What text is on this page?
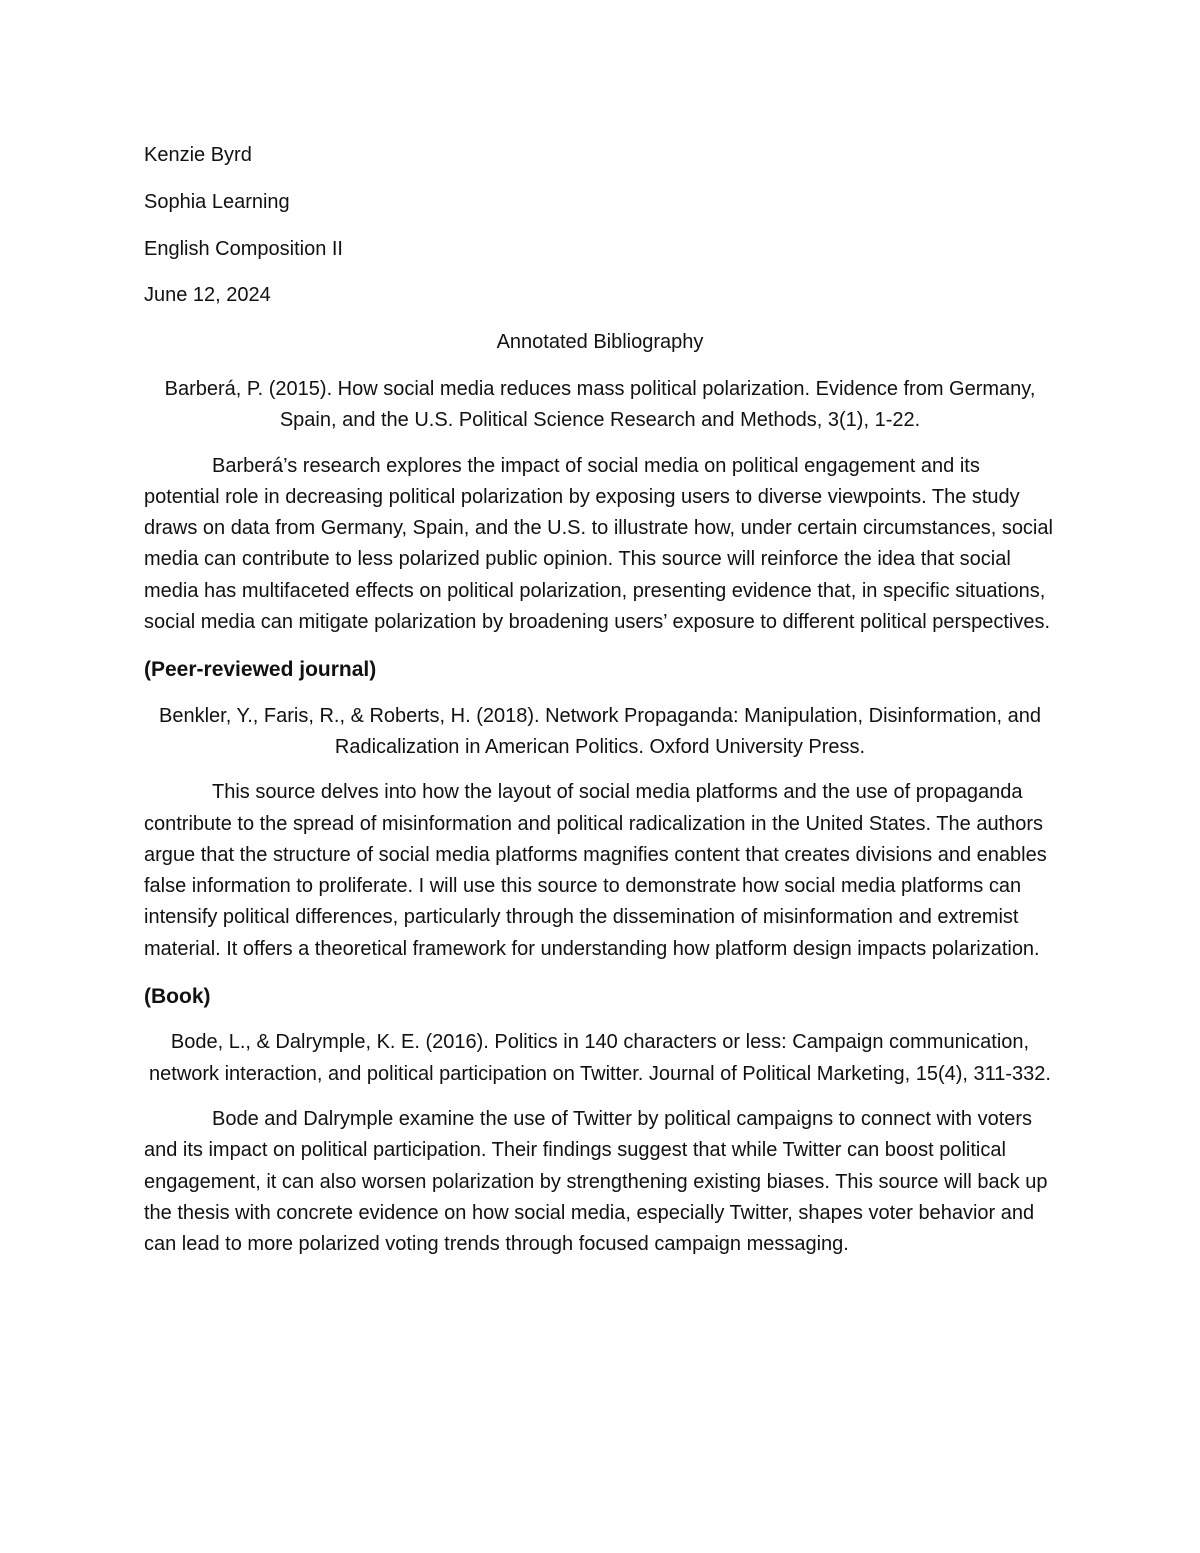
Kenzie Byrd

Sophia Learning

English Composition II

June 12, 2024

Annotated Bibliography

Barberá, P. (2015). How social media reduces mass political polarization. Evidence from Germany, Spain, and the U.S. Political Science Research and Methods, 3(1), 1-22.

Barberá’s research explores the impact of social media on political engagement and its potential role in decreasing political polarization by exposing users to diverse viewpoints. The study draws on data from Germany, Spain, and the U.S. to illustrate how, under certain circumstances, social media can contribute to less polarized public opinion. This source will reinforce the idea that social media has multifaceted effects on political polarization, presenting evidence that, in specific situations, social media can mitigate polarization by broadening users’ exposure to different political perspectives.

(Peer-reviewed journal)

Benkler, Y., Faris, R., & Roberts, H. (2018). Network Propaganda: Manipulation, Disinformation, and Radicalization in American Politics. Oxford University Press.

This source delves into how the layout of social media platforms and the use of propaganda contribute to the spread of misinformation and political radicalization in the United States. The authors argue that the structure of social media platforms magnifies content that creates divisions and enables false information to proliferate. I will use this source to demonstrate how social media platforms can intensify political differences, particularly through the dissemination of misinformation and extremist material. It offers a theoretical framework for understanding how platform design impacts polarization.

(Book)

Bode, L., & Dalrymple, K. E. (2016). Politics in 140 characters or less: Campaign communication, network interaction, and political participation on Twitter. Journal of Political Marketing, 15(4), 311-332.

Bode and Dalrymple examine the use of Twitter by political campaigns to connect with voters and its impact on political participation. Their findings suggest that while Twitter can boost political engagement, it can also worsen polarization by strengthening existing biases. This source will back up the thesis with concrete evidence on how social media, especially Twitter, shapes voter behavior and can lead to more polarized voting trends through focused campaign messaging.
